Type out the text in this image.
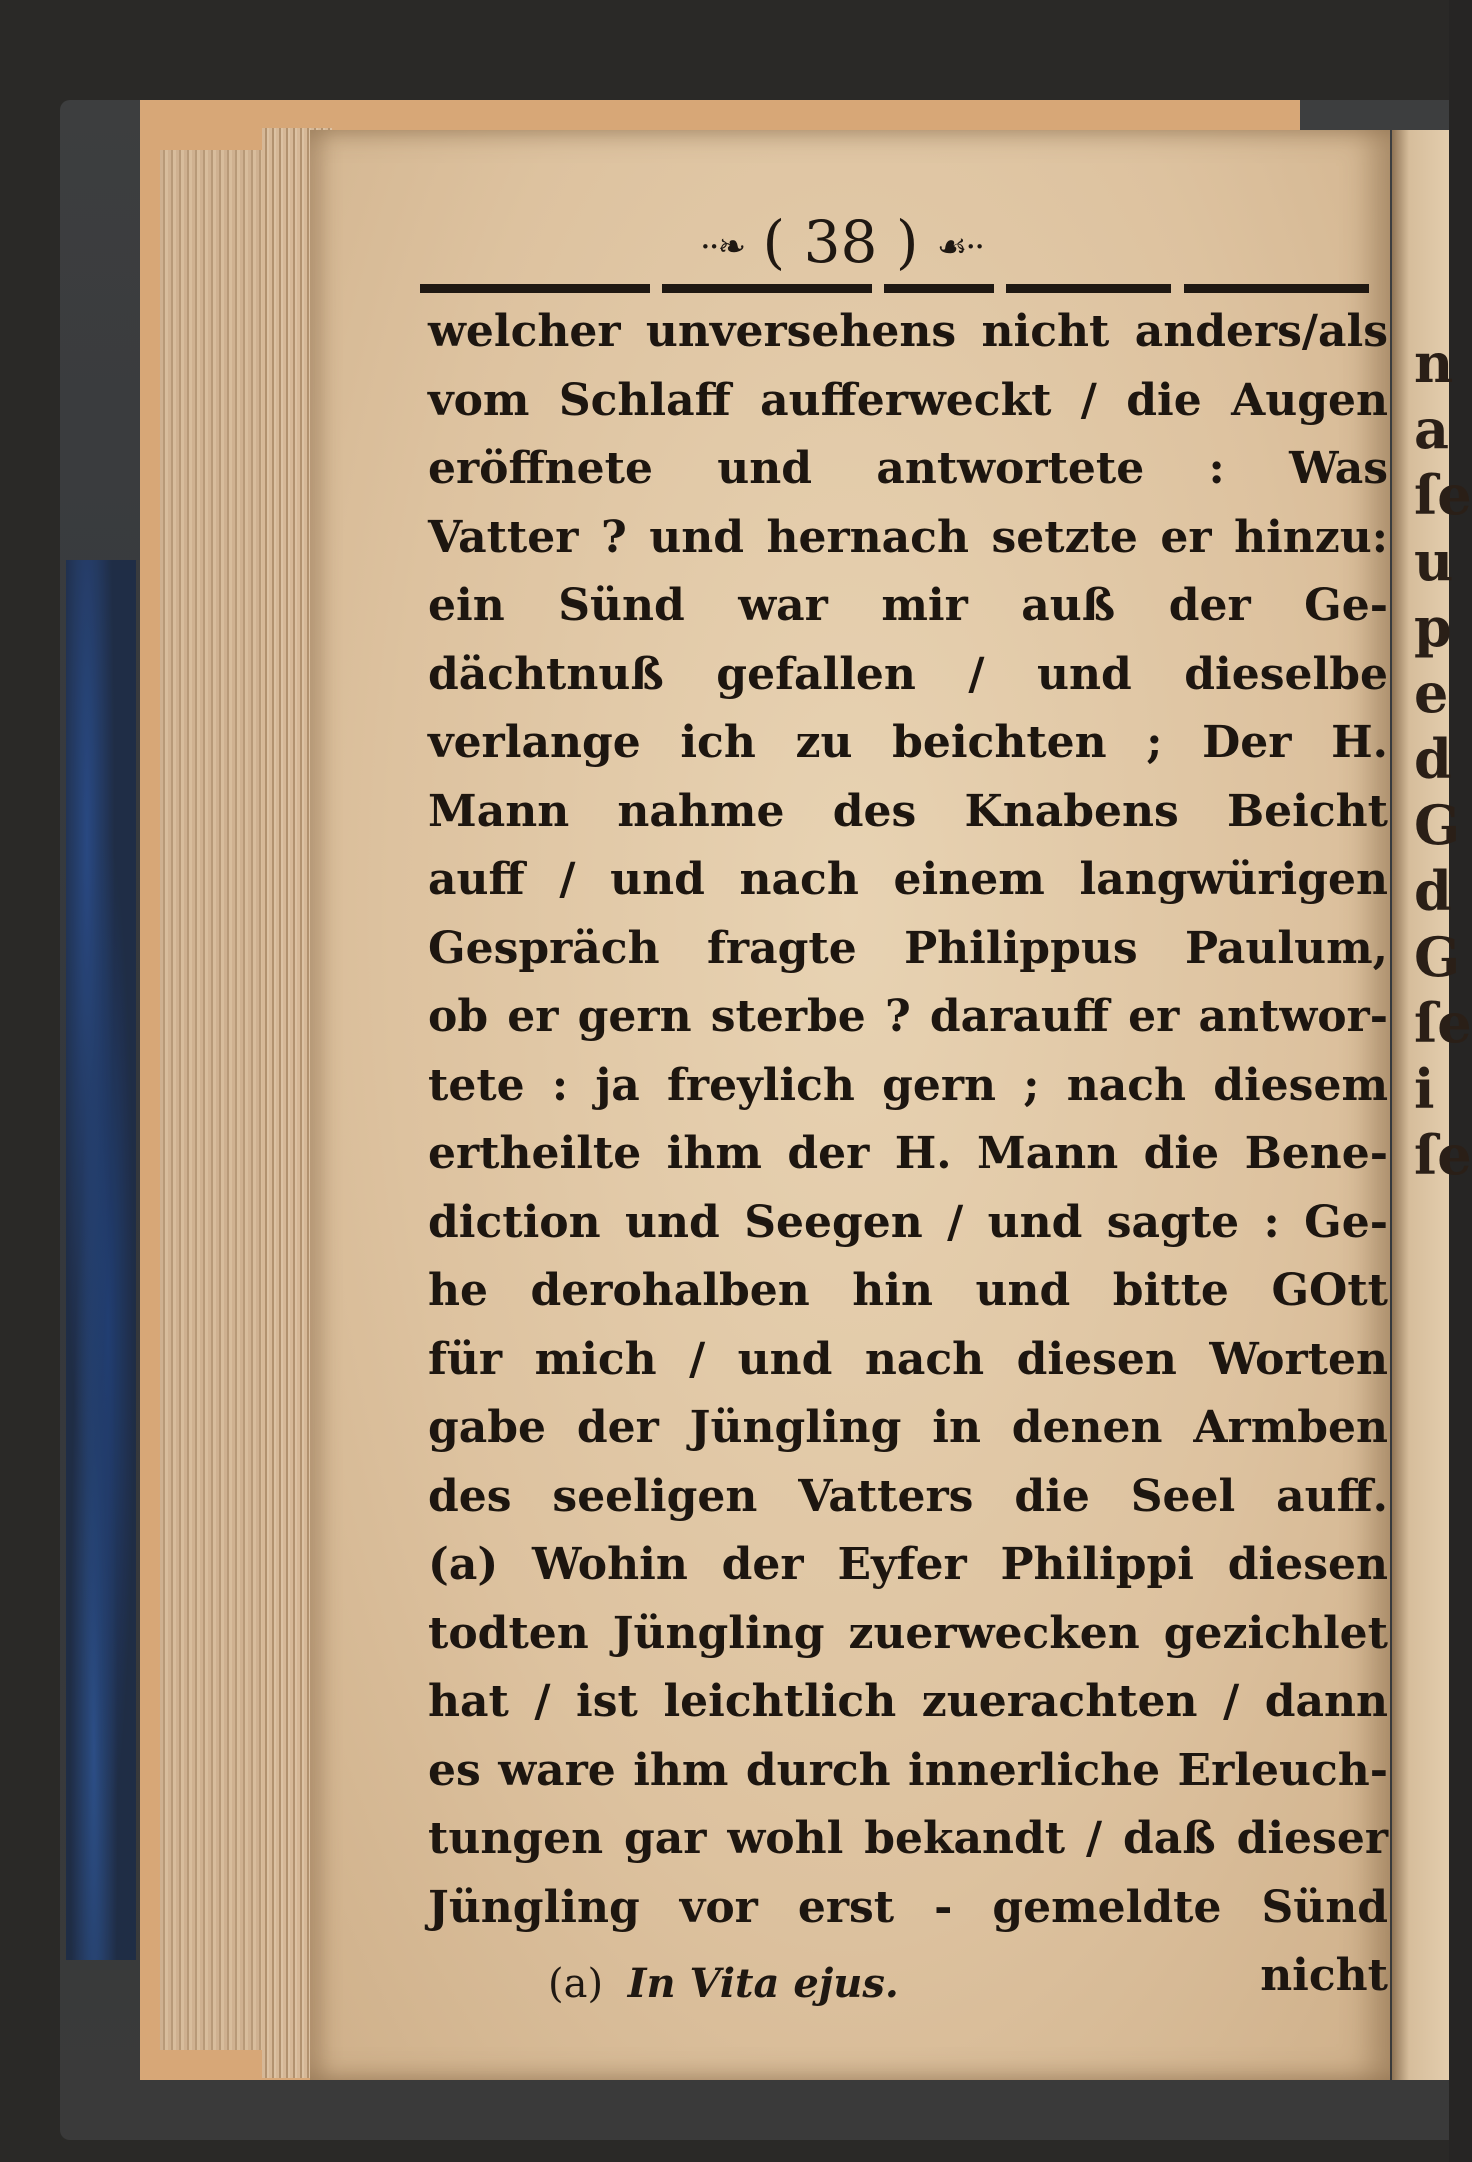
n
a
ſe
u
p
e
d
G
d
G
ſe
i
ſe
··❧ ( 38 ) ☙··
welcher unversehens nicht anders/als
vom Schlaff aufferweckt / die Augen
eröffnete und antwortete : Was
Vatter ? und hernach setzte er hinzu:
ein Sünd war mir auß der Ge-
dächtnuß gefallen / und dieselbe
verlange ich zu beichten ; Der H.
Mann nahme des Knabens Beicht
auff / und nach einem langwürigen
Gespräch fragte Philippus Paulum,
ob er gern sterbe ? darauff er antwor-
tete : ja freylich gern ; nach diesem
ertheilte ihm der H. Mann die Bene-
diction und Seegen / und sagte : Ge-
he derohalben hin und bitte GOtt
für mich / und nach diesen Worten
gabe der Jüngling in denen Armben
des seeligen Vatters die Seel auff.
(a) Wohin der Eyfer Philippi diesen
todten Jüngling zuerwecken gezichlet
hat / ist leichtlich zuerachten / dann
es ware ihm durch innerliche Erleuch-
tungen gar wohl bekandt / daß dieser
Jüngling vor erst - gemeldte Sünd
nicht
(a) In Vita ejus.
